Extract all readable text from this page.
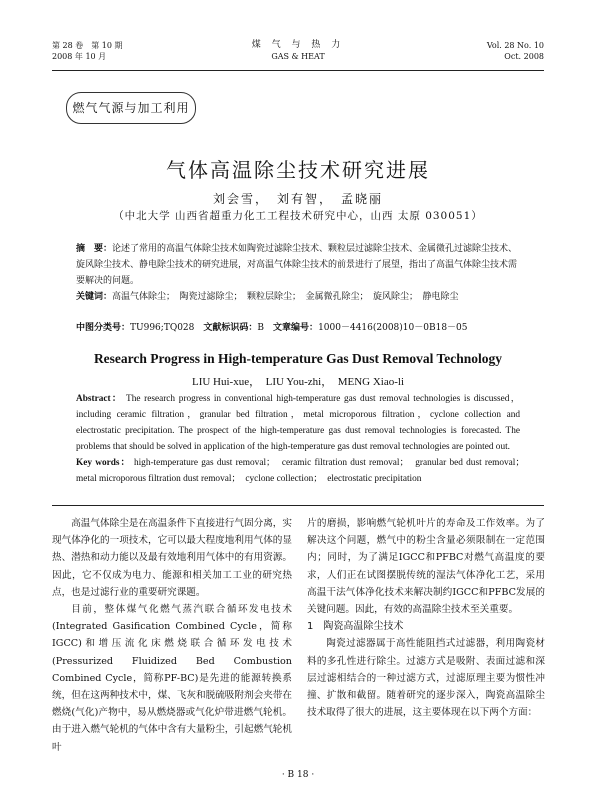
第 28 卷　第 10 期
2008 年 10 月
煤 气 与 热 力
GAS & HEAT
Vol. 28 No. 10
Oct. 2008
燃气气源与加工利用
气体高温除尘技术研究进展
刘会雪，　刘有智，　孟晓丽
（中北大学 山西省超重力化工工程技术研究中心，山西 太原 030051）

摘　要：论述了常用的高温气体除尘技术如陶瓷过滤除尘技术、颗粒层过滤除尘技术、金属微孔过滤除尘技术、旋风除尘技术、静电除尘技术的研究进展，对高温气体除尘技术的前景进行了展望，指出了高温气体除尘技术需要解决的问题。

关键词：高温气体除尘；　陶瓷过滤除尘；　颗粒层除尘；　金属微孔除尘；　旋风除尘；　静电除尘

中图分类号：TU996;TQ028　 文献标识码：B　 文章编号：1000－4416(2008)10－0B18－05
Research Progress in High-temperature Gas Dust Removal Technology
LIU Hui-xue，　LIU You-zhi，　MENG Xiao-li

Abstract： The research progress in conventional high-temperature gas dust removal technologies is discussed，including ceramic filtration，granular bed filtration，metal microporous filtration，cyclone collection and electrostatic precipitation. The prospect of the high-temperature gas dust removal technologies is forecasted. The problems that should be solved in application of the high-temperature gas dust removal technologies are pointed out.

Key words： high-temperature gas dust removal；　ceramic filtration dust removal；　granular bed dust removal；　metal microporous filtration dust removal；　cyclone collection；　electrostatic precipitation

高温气体除尘是在高温条件下直接进行气固分离，实现气体净化的一项技术，它可以最大程度地利用气体的显热、潜热和动力能以及最有效地利用气体中的有用资源。因此，它不仅成为电力、能源和相关加工工业的研究热点，也是过滤行业的重要研究课题。

目前，整体煤气化燃气蒸汽联合循环发电技术(Integrated Gasification Combined Cycle，简称IGCC)和增压流化床燃烧联合循环发电技术(Pressurized Fluidized Bed Combustion Combined Cycle，简称PF-BC)是先进的能源转换系统，但在这两种技术中，煤、飞灰和脱硫吸附剂会夹带在燃烧(气化)产物中，易从燃烧器或气化炉带进燃气轮机。由于进入燃气轮机的气体中含有大量粉尘，引起燃气轮机叶

片的磨损，影响燃气轮机叶片的寿命及工作效率。为了解决这个问题，燃气中的粉尘含量必须限制在一定范围内；同时，为了满足IGCC和PFBC对燃气高温度的要求，人们正在试图摆脱传统的湿法气体净化工艺，采用高温干法气体净化技术来解决制约IGCC和PFBC发展的关键问题。因此，有效的高温除尘技术至关重要。

1　陶瓷高温除尘技术

陶瓷过滤器属于高性能阻挡式过滤器，利用陶瓷材料的多孔性进行除尘。过滤方式是吸附、表面过滤和深层过滤相结合的一种过滤方式，过滤原理主要为惯性冲撞、扩散和截留。随着研究的逐步深入，陶瓷高温除尘技术取得了很大的进展，这主要体现在以下两个方面：

· B 18 ·
